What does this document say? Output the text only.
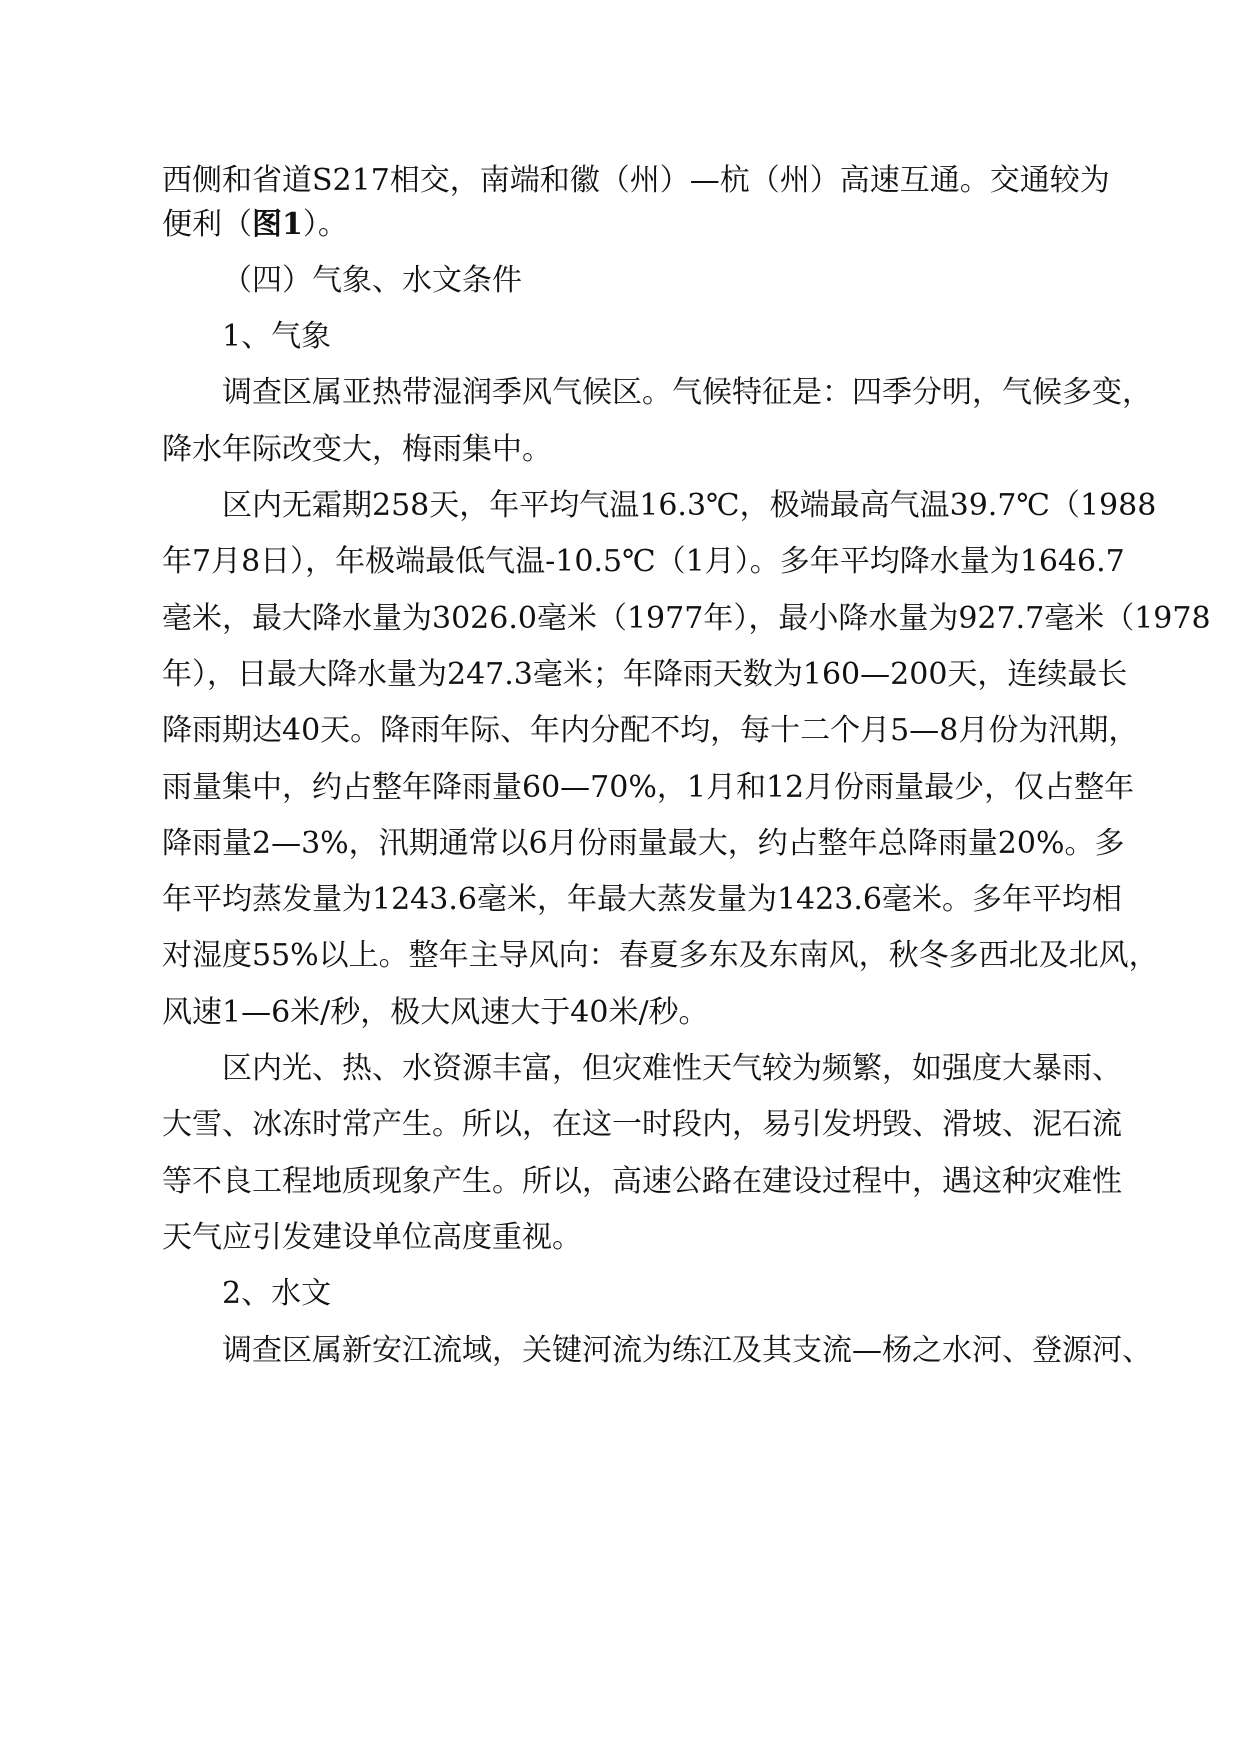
西侧和省道S217相交，南端和徽（州）—杭（州）高速互通。交通较为
便利（图1）。
（四）气象、水文条件
1、气象
调查区属亚热带湿润季风气候区。气候特征是：四季分明，气候多变，
降水年际改变大，梅雨集中。
区内无霜期258天，年平均气温16.3℃，极端最高气温39.7℃（1988
年7月8日），年极端最低气温-10.5℃（1月）。多年平均降水量为1646.7
毫米，最大降水量为3026.0毫米（1977年），最小降水量为927.7毫米（1978
年），日最大降水量为247.3毫米；年降雨天数为160—200天，连续最长
降雨期达40天。降雨年际、年内分配不均，每十二个月5—8月份为汛期，
雨量集中，约占整年降雨量60—70%，1月和12月份雨量最少，仅占整年
降雨量2—3%，汛期通常以6月份雨量最大，约占整年总降雨量20%。多
年平均蒸发量为1243.6毫米，年最大蒸发量为1423.6毫米。多年平均相
对湿度55%以上。整年主导风向：春夏多东及东南风，秋冬多西北及北风，
风速1—6米/秒，极大风速大于40米/秒。
区内光、热、水资源丰富，但灾难性天气较为频繁，如强度大暴雨、
大雪、冰冻时常产生。所以，在这一时段内，易引发坍毁、滑坡、泥石流
等不良工程地质现象产生。所以，高速公路在建设过程中，遇这种灾难性
天气应引发建设单位高度重视。
2、水文
调查区属新安江流域，关键河流为练江及其支流—杨之水河、登源河、
